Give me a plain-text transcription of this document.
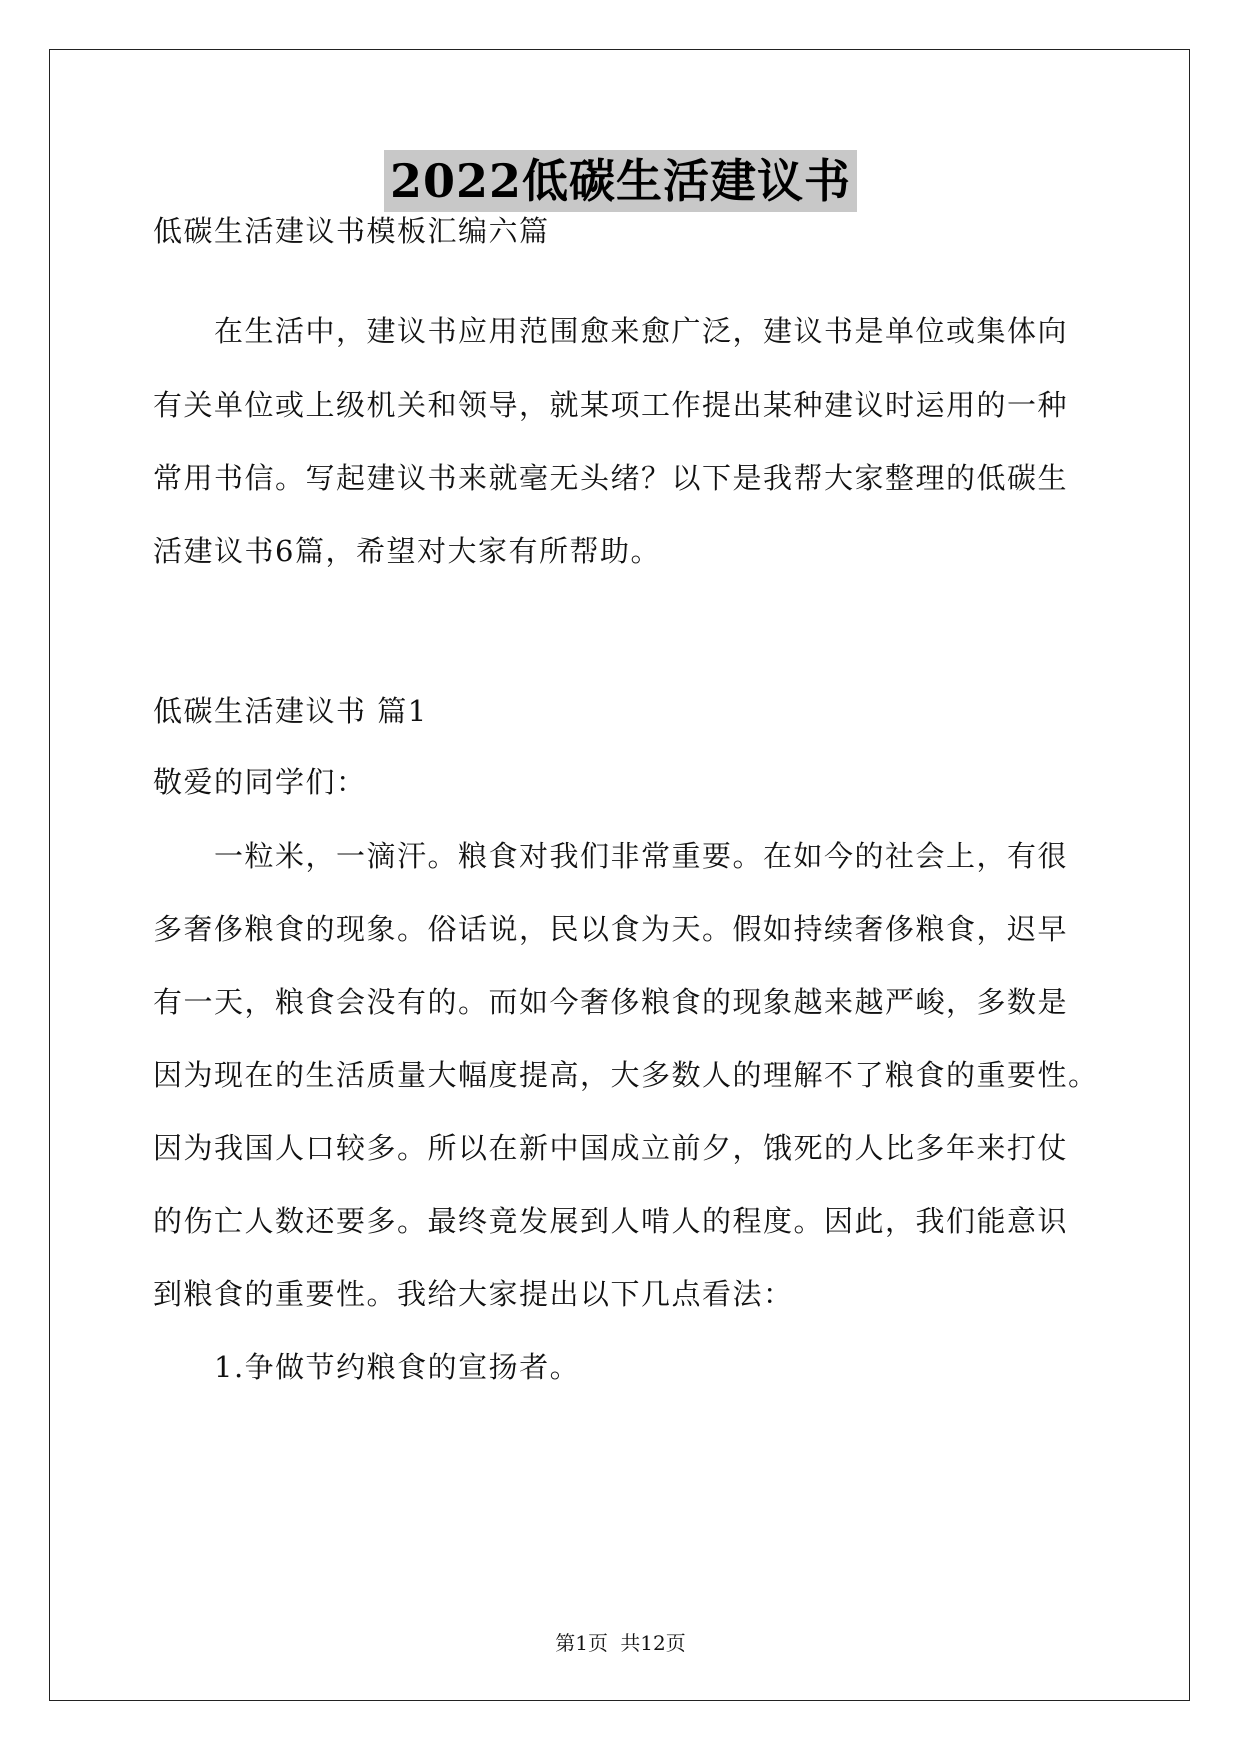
2022低碳生活建议书
低碳生活建议书模板汇编六篇
在生活中，建议书应用范围愈来愈广泛，建议书是单位或集体向
有关单位或上级机关和领导，就某项工作提出某种建议时运用的一种
常用书信。写起建议书来就毫无头绪？以下是我帮大家整理的低碳生
活建议书6篇，希望对大家有所帮助。
低碳生活建议书 篇1
敬爱的同学们：
一粒米，一滴汗。粮食对我们非常重要。在如今的社会上，有很
多奢侈粮食的现象。俗话说，民以食为天。假如持续奢侈粮食，迟早
有一天，粮食会没有的。而如今奢侈粮食的现象越来越严峻，多数是
因为现在的生活质量大幅度提高，大多数人的理解不了粮食的重要性。
因为我国人口较多。所以在新中国成立前夕，饿死的人比多年来打仗
的伤亡人数还要多。最终竟发展到人啃人的程度。因此，我们能意识
到粮食的重要性。我给大家提出以下几点看法：
1.争做节约粮食的宣扬者。
第1页 共12页
